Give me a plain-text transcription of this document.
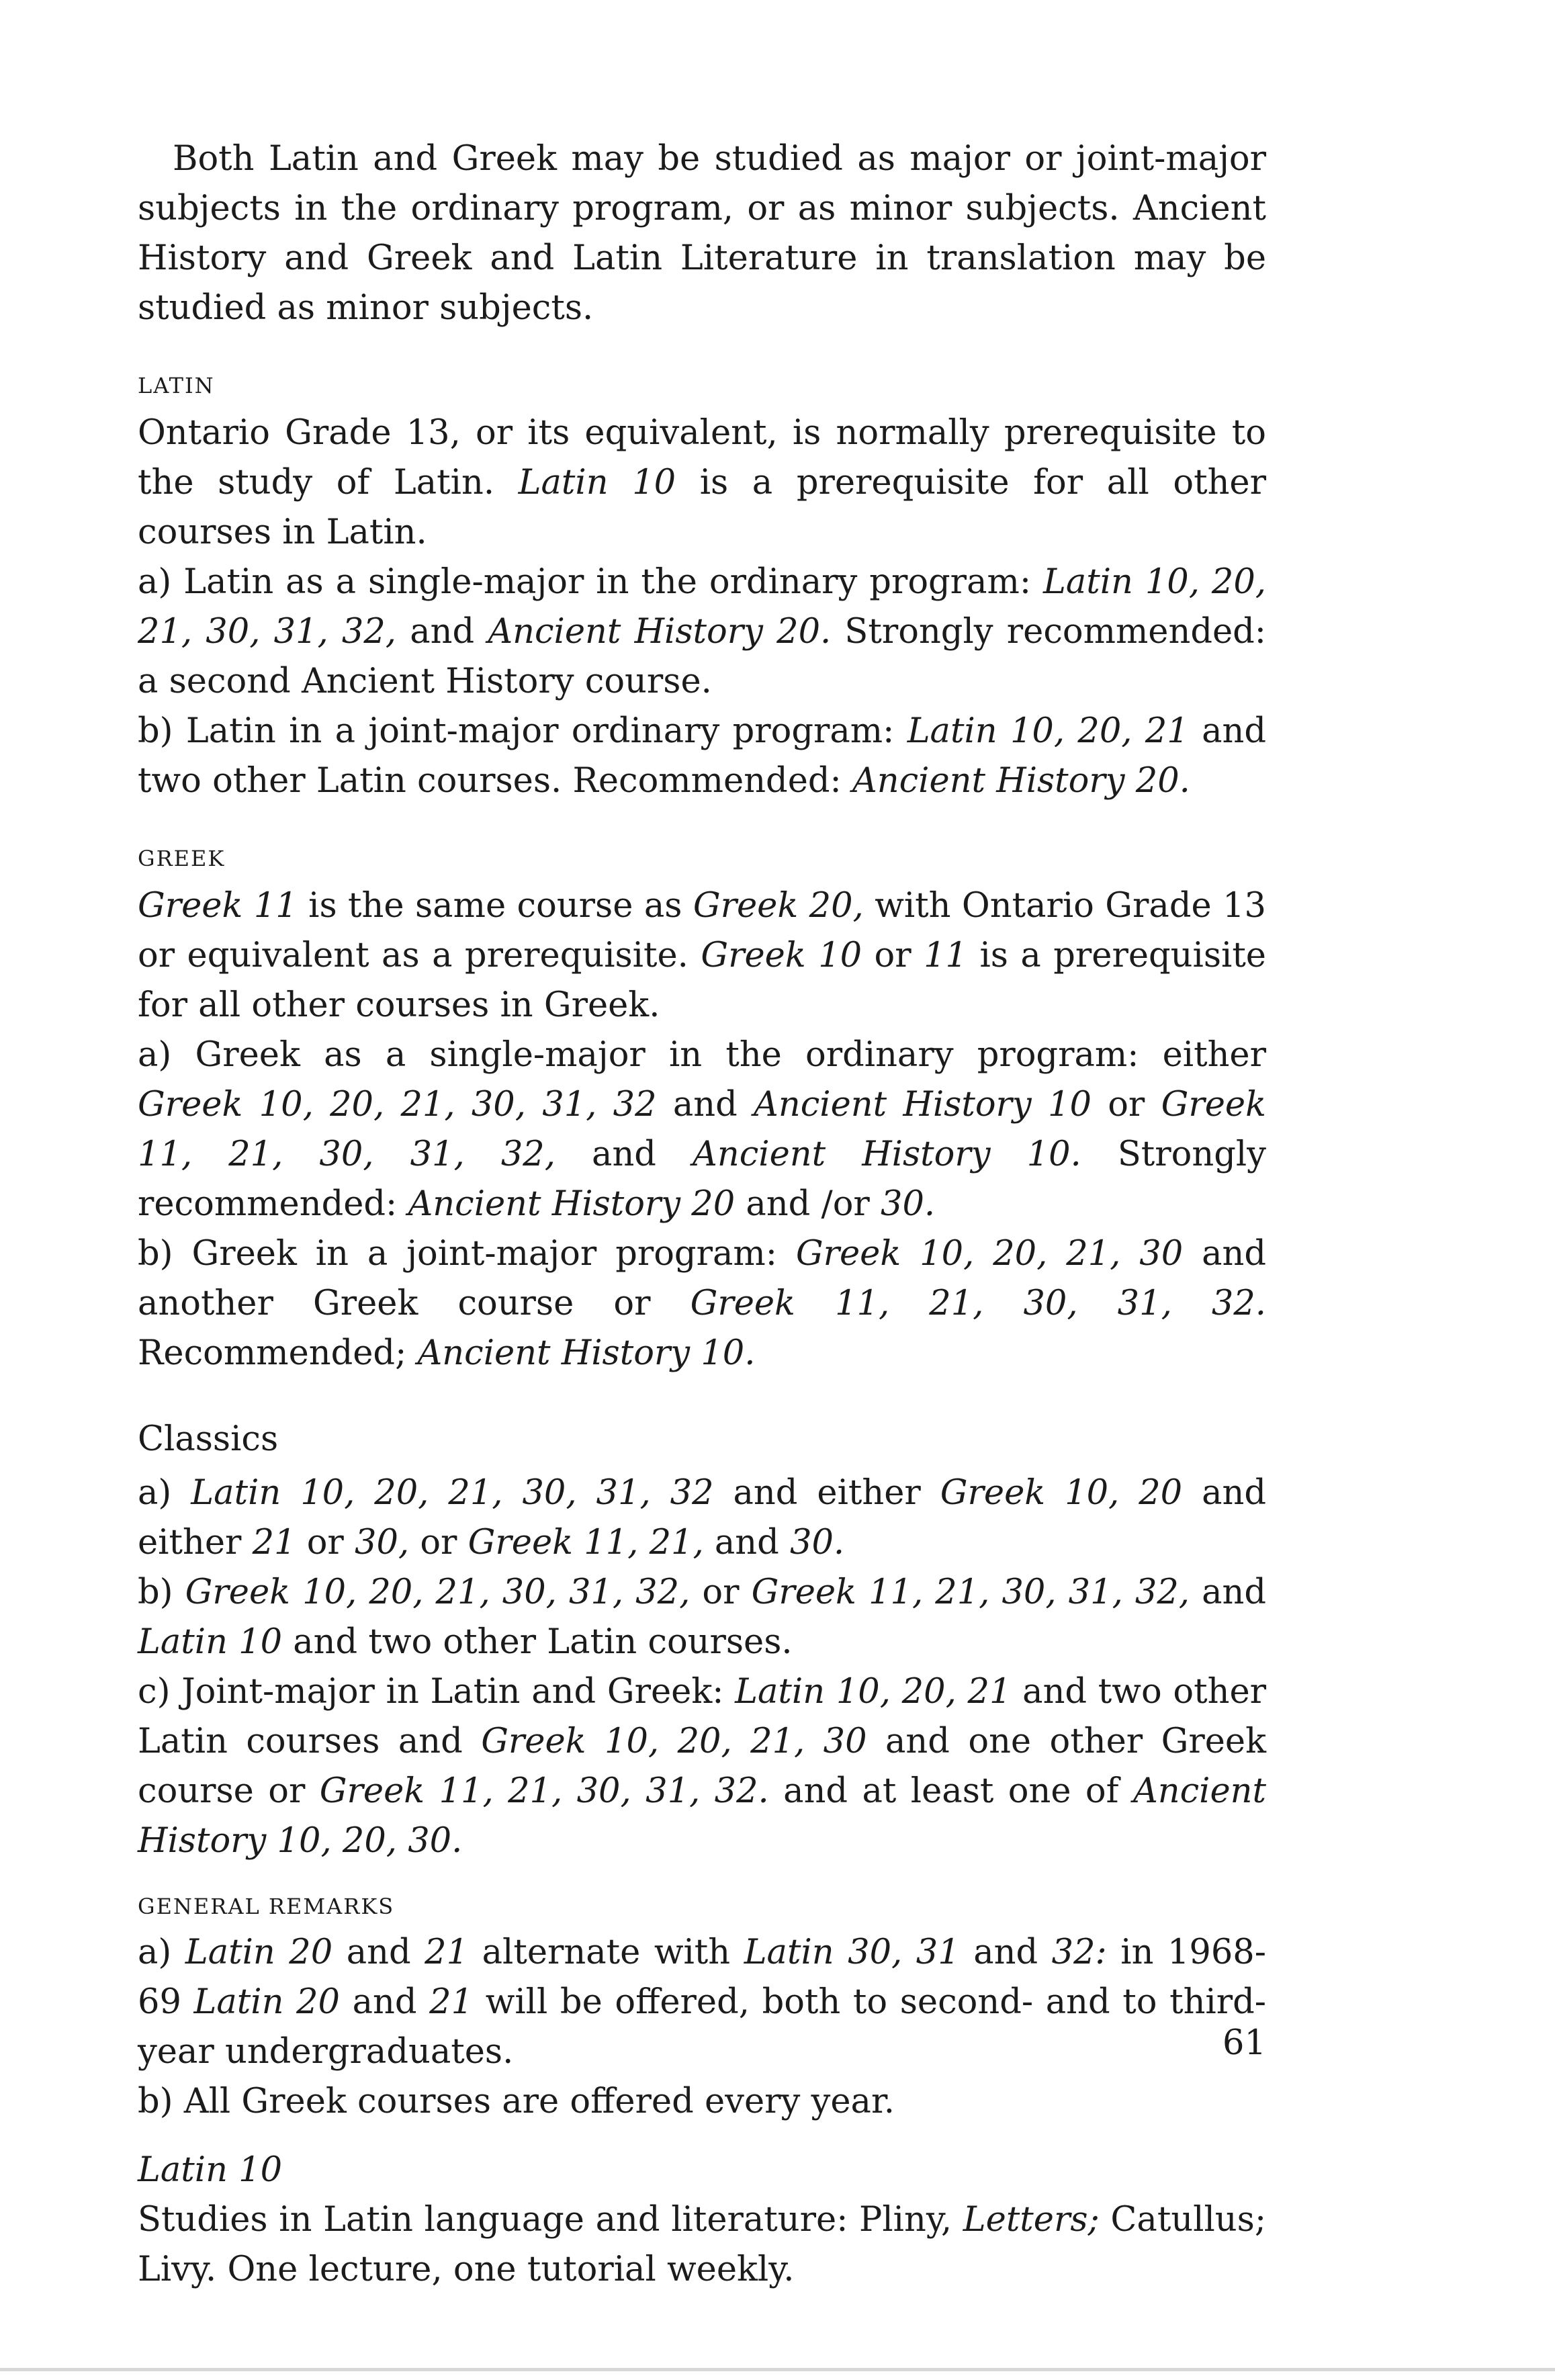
Both Latin and Greek may be studied as major or joint-major subjects in the ordinary program, or as minor subjects. Ancient History and Greek and Latin Literature in translation may be studied as minor subjects.

LATIN

Ontario Grade 13, or its equivalent, is normally prerequisite to the study of Latin. Latin 10 is a prerequisite for all other courses in Latin.

a) Latin as a single-major in the ordinary program: Latin 10, 20, 21, 30, 31, 32, and Ancient History 20. Strongly recommended: a second Ancient History course.

b) Latin in a joint-major ordinary program: Latin 10, 20, 21 and two other Latin courses. Recommended: Ancient History 20.

GREEK

Greek 11 is the same course as Greek 20, with Ontario Grade 13 or equivalent as a prerequisite. Greek 10 or 11 is a prerequisite for all other courses in Greek.

a) Greek as a single-major in the ordinary program: either Greek 10, 20, 21, 30, 31, 32 and Ancient History 10 or Greek 11, 21, 30, 31, 32, and Ancient History 10. Strongly recommended: Ancient History 20 and /or 30.

b) Greek in a joint-major program: Greek 10, 20, 21, 30 and another Greek course or Greek 11, 21, 30, 31, 32. Recommended; Ancient History 10.

Classics

a) Latin 10, 20, 21, 30, 31, 32 and either Greek 10, 20 and either 21 or 30, or Greek 11, 21, and 30.

b) Greek 10, 20, 21, 30, 31, 32, or Greek 11, 21, 30, 31, 32, and Latin 10 and two other Latin courses.

c) Joint-major in Latin and Greek: Latin 10, 20, 21 and two other Latin courses and Greek 10, 20, 21, 30 and one other Greek course or Greek 11, 21, 30, 31, 32. and at least one of Ancient History 10, 20, 30.

GENERAL REMARKS

a) Latin 20 and 21 alternate with Latin 30, 31 and 32: in 1968-69 Latin 20 and 21 will be offered, both to second- and to third-year undergraduates.

b) All Greek courses are offered every year.

Latin 10

Studies in Latin language and literature: Pliny, Letters; Catullus; Livy. One lecture, one tutorial weekly.

61
